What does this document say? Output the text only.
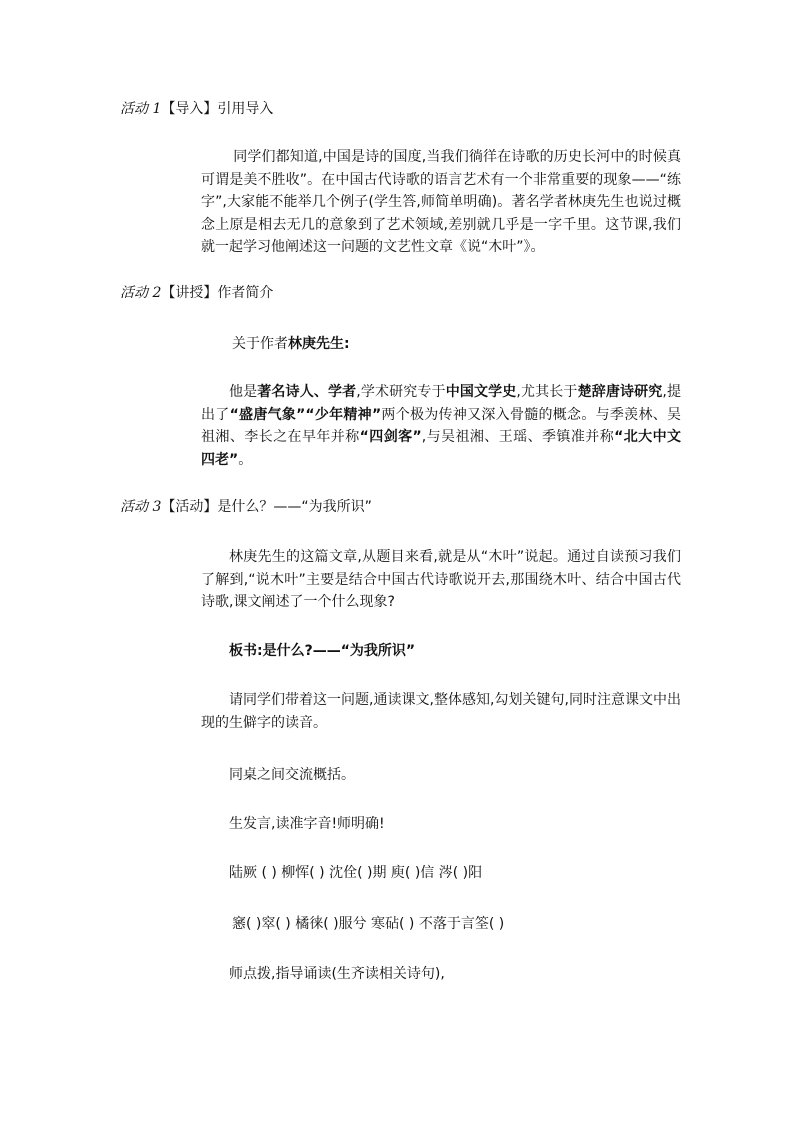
活动 1【导入】引用导入
同学们都知道,中国是诗的国度,当我们徜徉在诗歌的历史长河中的时候真可谓是美不胜收”。在中国古代诗歌的语言艺术有一个非常重要的现象——“练字”,大家能不能举几个例子(学生答,师简单明确)。著名学者林庚先生也说过概念上原是相去无几的意象到了艺术领域,差别就几乎是一字千里。这节课,我们就一起学习他阐述这一问题的文艺性文章《说“木叶”》。
活动 2【讲授】作者简介
关于作者林庚先生:
他是著名诗人、学者,学术研究专于中国文学史,尤其长于楚辞唐诗研究,提出了“盛唐气象”“少年精神”两个极为传神又深入骨髓的概念。与季羡林、吴祖湘、李长之在早年并称“四剑客”,与吴祖湘、王瑶、季镇准并称“北大中文四老”。
活动 3【活动】是什么？——“为我所识”
林庚先生的这篇文章,从题目来看,就是从“木叶”说起。通过自读预习我们了解到,“说木叶”主要是结合中国古代诗歌说开去,那围绕木叶、结合中国古代诗歌,课文阐述了一个什么现象?
板书:是什么?——“为我所识”
请同学们带着这一问题,通读课文,整体感知,勾划关键句,同时注意课文中出现的生僻字的读音。
同桌之间交流概括。
生发言,读准字音!师明确!
陆厥 ( ) 柳恽( ) 沈佺( )期 庾( )信 涔( )阳
窸( )窣( ) 橘徕( )服兮 寒砧( ) 不落于言筌( )
师点拨,指导诵读(生齐读相关诗句),
